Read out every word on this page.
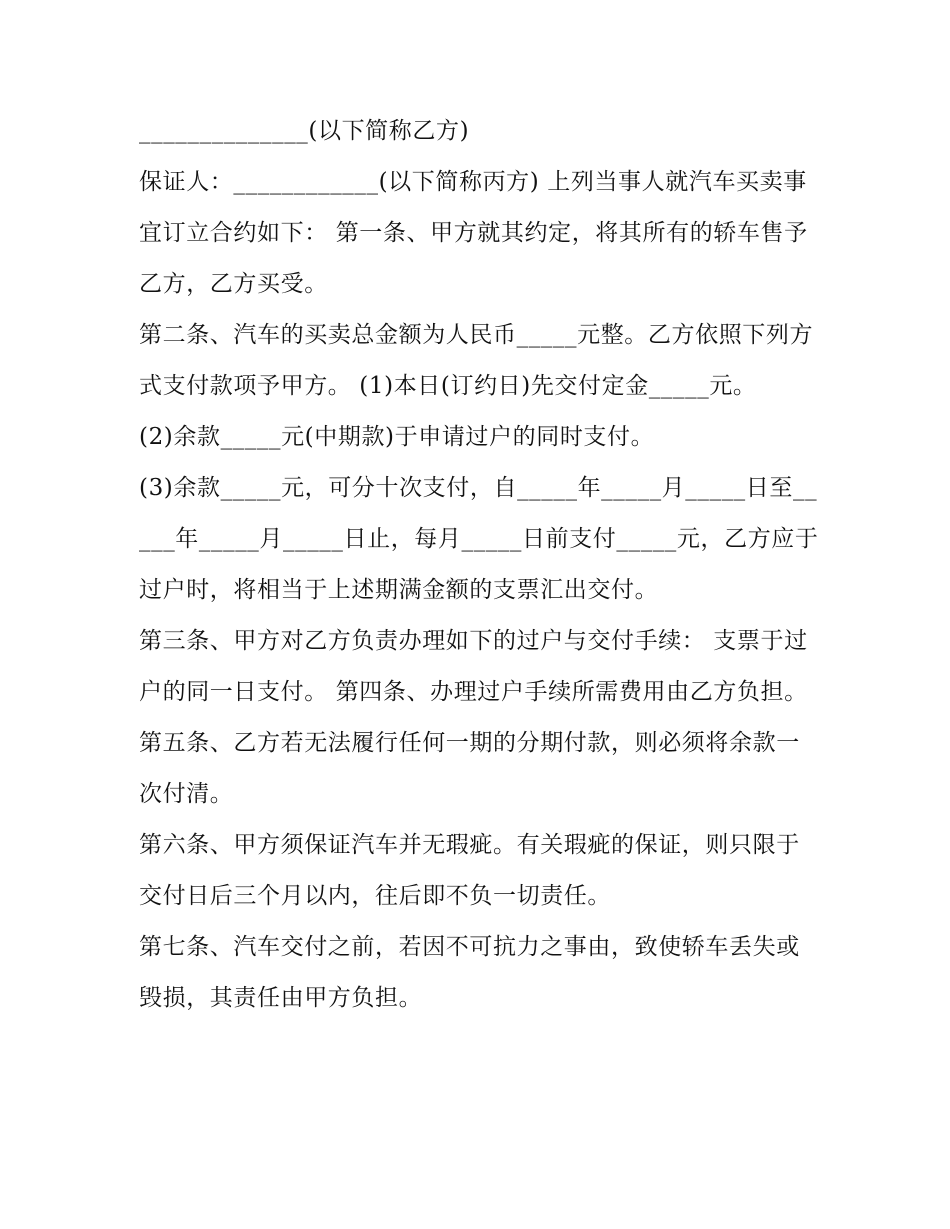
______________(以下简称乙方)

保证人：____________(以下简称丙方) 上列当事人就汽车买卖事宜订立合约如下： 第一条、甲方就其约定，将其所有的轿车售予乙方，乙方买受。

第二条、汽车的买卖总金额为人民币_____元整。乙方依照下列方式支付款项予甲方。 (1)本日(订约日)先交付定金_____元。

(2)余款_____元(中期款)于申请过户的同时支付。

(3)余款_____元，可分十次支付，自_____年_____月_____日至_____年_____月_____日止，每月_____日前支付_____元，乙方应于过户时，将相当于上述期满金额的支票汇出交付。

第三条、甲方对乙方负责办理如下的过户与交付手续： 支票于过户的同一日支付。 第四条、办理过户手续所需费用由乙方负担。

第五条、乙方若无法履行任何一期的分期付款，则必须将余款一次付清。

第六条、甲方须保证汽车并无瑕疵。有关瑕疵的保证，则只限于交付日后三个月以内，往后即不负一切责任。

第七条、汽车交付之前，若因不可抗力之事由，致使轿车丢失或毁损，其责任由甲方负担。
